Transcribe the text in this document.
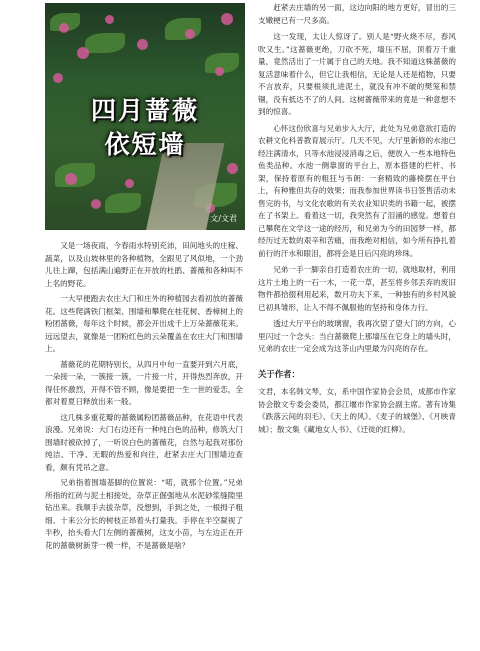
四月蔷薇
依短墙
文/文君

又是一场夜雨，今春雨水特别充沛，田间地头的庄稼、蔬菜，以及山坡林里的各种植物，全跟见了风似地，一个劲儿往上蹿，包括满山遍野正在开放的杜鹃、蔷薇和各种叫不上名的野花。

一大早便跑去农庄大门和庄外的种植园去看初放的蔷薇花。这些爬满铁门框架、围墙和攀爬在桂花树、香樟树上的粉团蔷薇，每年这个时候，都会开出成千上万朵蔷薇花来。远远望去，就像是一团粉红色的云朵覆盖在农庄大门和围墙上。

蔷薇花的花期特别长，从四月中旬一直要开到六月底，一朵接一朵，一簇接一簇，一片接一片，开得热烈奔放，开得任怀激烈，开得不管不顾，像是要把一生一世的爱恋，全都对着夏日释放出来一般。

这几株多重花瓣的蔷薇属粉团蔷薇品种，在花语中代表浪漫。兄弟说：大门右边还有一种纯白色的品种，修筑大门围墙时被砍掉了，一听说白色的蔷薇花，自然与起我对那份纯洁、干净、无暇的热爱和向往，赶紧去庄大门围墙边查看，颇有凭吊之意。

兄弟指着围墙基脚的位置说：“喏，就那个位置。”兄弟所指的红砖与泥土相接处，杂草正倔强地从水泥砂浆缝隙里钻出来。我顺手去拔杂草，没想到，手到之处，一根拇子粗细、十来公分长的树枝正昂着头打量我。手停在半空凝视了半秒，抬头看大门左侧的蔷薇树，这支小苗，与左边正在开花的蔷薇树新芽一模一样，不是蔷薇是啥？

赶紧去庄墙的另一面，这边向阳的地方更好，冒出的三支嫩梗已有一尺多高。

这一发现，太让人惊讶了。别人是“野火烧不尽，春风吹又生。”这蔷薇更绝，刀砍不死，墙压不屈，顶着万千重量，竟然活出了一片属于自己的天地。我不知道这株蔷薇的复活意味着什么，但它让我相信，无论是人还是植物，只要不言放弃，只要根须扎进泥土，就没有冲不破的樊笼和禁锢，没有抵达不了的人间。这树蔷薇带来的竟是一种意想不到的惊喜。

心怀这份欣喜与兄弟步入大厅，此处为兄弟意欲打造的农耕文化科普教育展示厅。几天不见，大厅里新修的水池已经注满清水，只等水池浸浸消毒之后，便放入一些本地特色鱼类品种。水池一侧靠窗的平台上，原本搭建的栏杆、书架，保持着原有的粗狂与韦朗：一套精致的藤椅摆在平台上，有种雅但共存的效果；而我参加世界读书日签售活动未售完的书，与文化农歌的有关农业知识类的书籍一起，被摆在了书架上。看着这一切，我突然有了泪涌的感觉。想着自己攀爬在文学这一途的经历，和兄弟为今的田园梦一样，都经历过无数的艰辛和苦痛，而我绝对相信，如今所有挣扎着前行的汗水和眼泪，都将会是日后闪亮的珍珠。

兄弟一手一脚亲自打造着农庄的一切，就地取材，利用这片土地上的一石一木，一花一草，甚至将乡邻丢弃的废旧物件都拾掇利用起来，数月功夫下来，一种独有的乡村风貌已初具雏形，让人不得不佩服他的坚持和身体力行。

透过大厅平台的玻璃窗，我再次望了望大门的方向，心里闪过一个念头：当白蔷薇爬上那墙压在它身上的墙头时，兄弟的农庄一定会成为这茶山内里最为闪亮的存在。

关于作者：

文君，本名韩文琴，女，系中国作家协会会员，成都市作家协会散文专委会委员，都江堰市作家协会副主席。著有诗集《跌落云间的羽毛》、《天上的风》、《麦子的城堡》、《月映青城》；散文集《藏地女人书》、《迁徙的红柳》。
